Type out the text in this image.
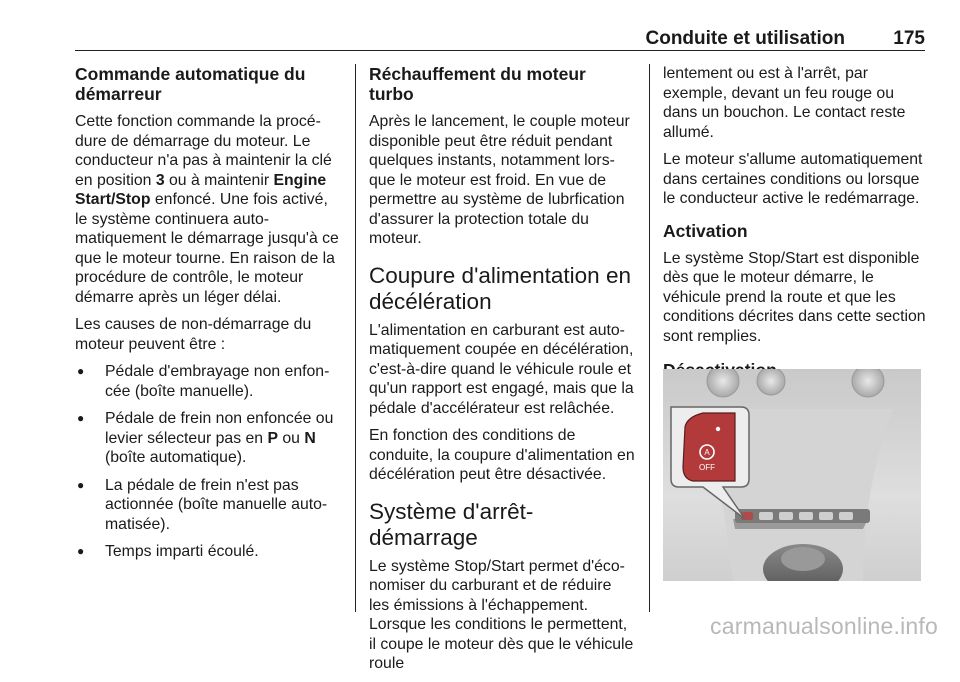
Conduite et utilisation	175
Commande automatique du démarreur

Cette fonction commande la procédure de démarrage du moteur. Le conducteur n'a pas à maintenir la clé en position 3 ou à maintenir Engine Start/Stop enfoncé. Une fois activé, le système continuera automatiquement le démarrage jusqu'à ce que le moteur tourne. En raison de la procédure de contrôle, le moteur démarre après un léger délai.

Les causes de non-démarrage du moteur peuvent être :

● Pédale d'embrayage non enfoncée (boîte manuelle).
● Pédale de frein non enfoncée ou levier sélecteur pas en P ou N (boîte automatique).
● La pédale de frein n'est pas actionnée (boîte manuelle automatisée).
● Temps imparti écoulé.
Réchauffement du moteur turbo

Après le lancement, le couple moteur disponible peut être réduit pendant quelques instants, notamment lorsque le moteur est froid. En vue de permettre au système de lubrfication d'assurer la protection totale du moteur.

Coupure d'alimentation en décélération

L'alimentation en carburant est automatiquement coupée en décélération, c'est-à-dire quand le véhicule roule et qu'un rapport est engagé, mais que la pédale d'accélérateur est relâchée.

En fonction des conditions de conduite, la coupure d'alimentation en décélération peut être désactivée.

Système d'arrêt-démarrage

Le système Stop/Start permet d'économiser du carburant et de réduire les émissions à l'échappement. Lorsque les conditions le permettent, il coupe le moteur dès que le véhicule roule

lentement ou est à l'arrêt, par exemple, devant un feu rouge ou dans un bouchon. Le contact reste allumé.

Le moteur s'allume automatiquement dans certaines conditions ou lorsque le conducteur active le redémarrage.

Activation

Le système Stop/Start est disponible dès que le moteur démarre, le véhicule prend la route et que les conditions décrites dans cette section sont remplies.

A
OFF
carmanualsonline.info
